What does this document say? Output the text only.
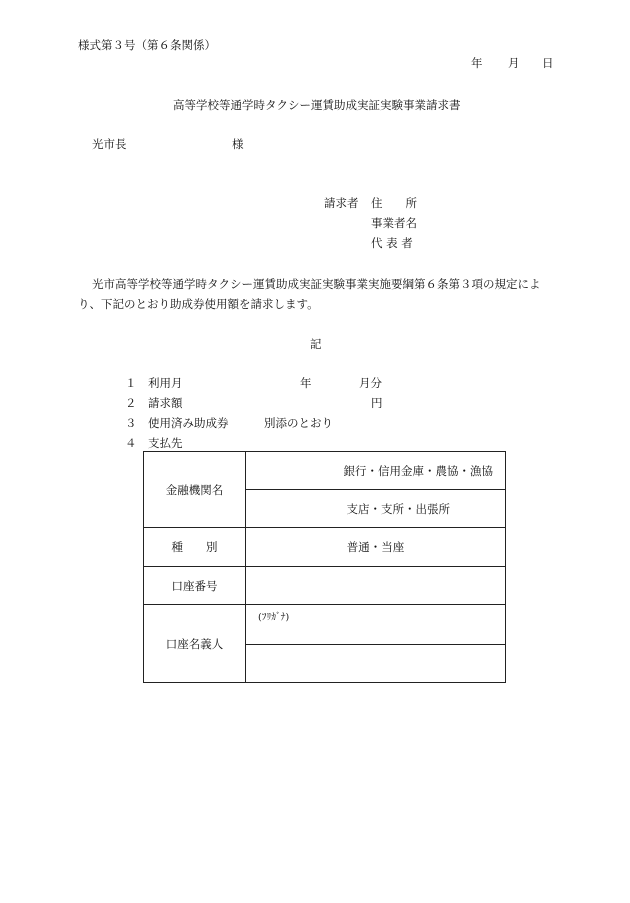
様式第３号（第６条関係）
年 月 日
高等学校等通学時タクシー運賃助成実証実験事業請求書
光市長	様
請求者 住　　所
事業者名
代 表 者
光市高等学校等通学時タクシー運賃助成実証実験事業実施要綱第６条第３項の規定によ
り、下記のとおり助成券使用額を請求します。
記
１ 利用月	年	月分
２ 請求額	円
３ 使用済み助成券	別添のとおり
４ 支払先
金融機関名	銀行・信用金庫・農協・漁協
	支店・支所・出張所
種　　別	普通・当座
口座番号	
口座名義人	(ﾌﾘｶﾞﾅ)
